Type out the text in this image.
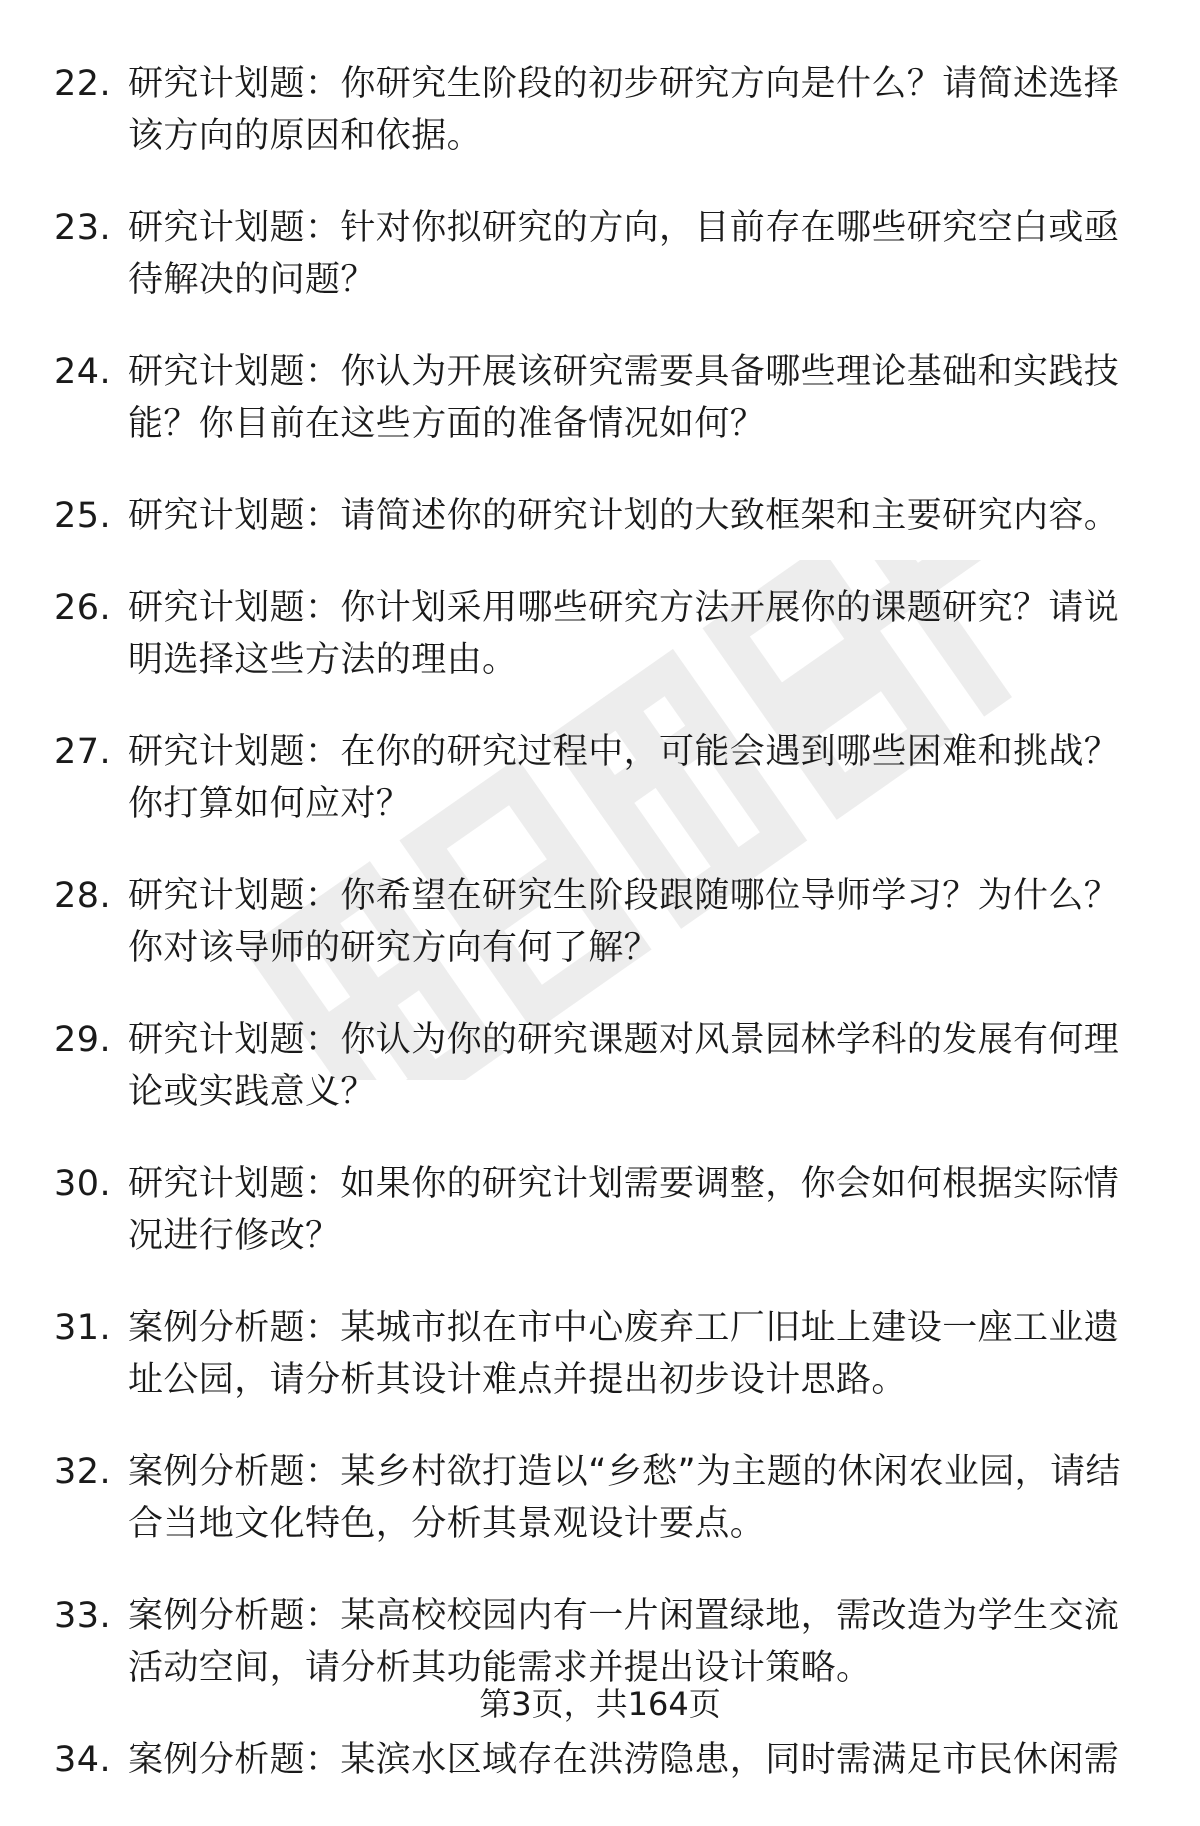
22. 研究计划题：你研究生阶段的初步研究方向是什么？请简述选择该方向的原因和依据。
23. 研究计划题：针对你拟研究的方向，目前存在哪些研究空白或亟待解决的问题？
24. 研究计划题：你认为开展该研究需要具备哪些理论基础和实践技能？你目前在这些方面的准备情况如何？
25. 研究计划题：请简述你的研究计划的大致框架和主要研究内容。
26. 研究计划题：你计划采用哪些研究方法开展你的课题研究？请说明选择这些方法的理由。
27. 研究计划题：在你的研究过程中，可能会遇到哪些困难和挑战？你打算如何应对？
28. 研究计划题：你希望在研究生阶段跟随哪位导师学习？为什么？你对该导师的研究方向有何了解？
29. 研究计划题：你认为你的研究课题对风景园林学科的发展有何理论或实践意义？
30. 研究计划题：如果你的研究计划需要调整，你会如何根据实际情况进行修改？
31. 案例分析题：某城市拟在市中心废弃工厂旧址上建设一座工业遗址公园，请分析其设计难点并提出初步设计思路。
32. 案例分析题：某乡村欲打造以“乡愁”为主题的休闲农业园，请结合当地文化特色，分析其景观设计要点。
33. 案例分析题：某高校校园内有一片闲置绿地，需改造为学生交流活动空间，请分析其功能需求并提出设计策略。
34. 案例分析题：某滨水区域存在洪涝隐患，同时需满足市民休闲需
第3页，共164页
